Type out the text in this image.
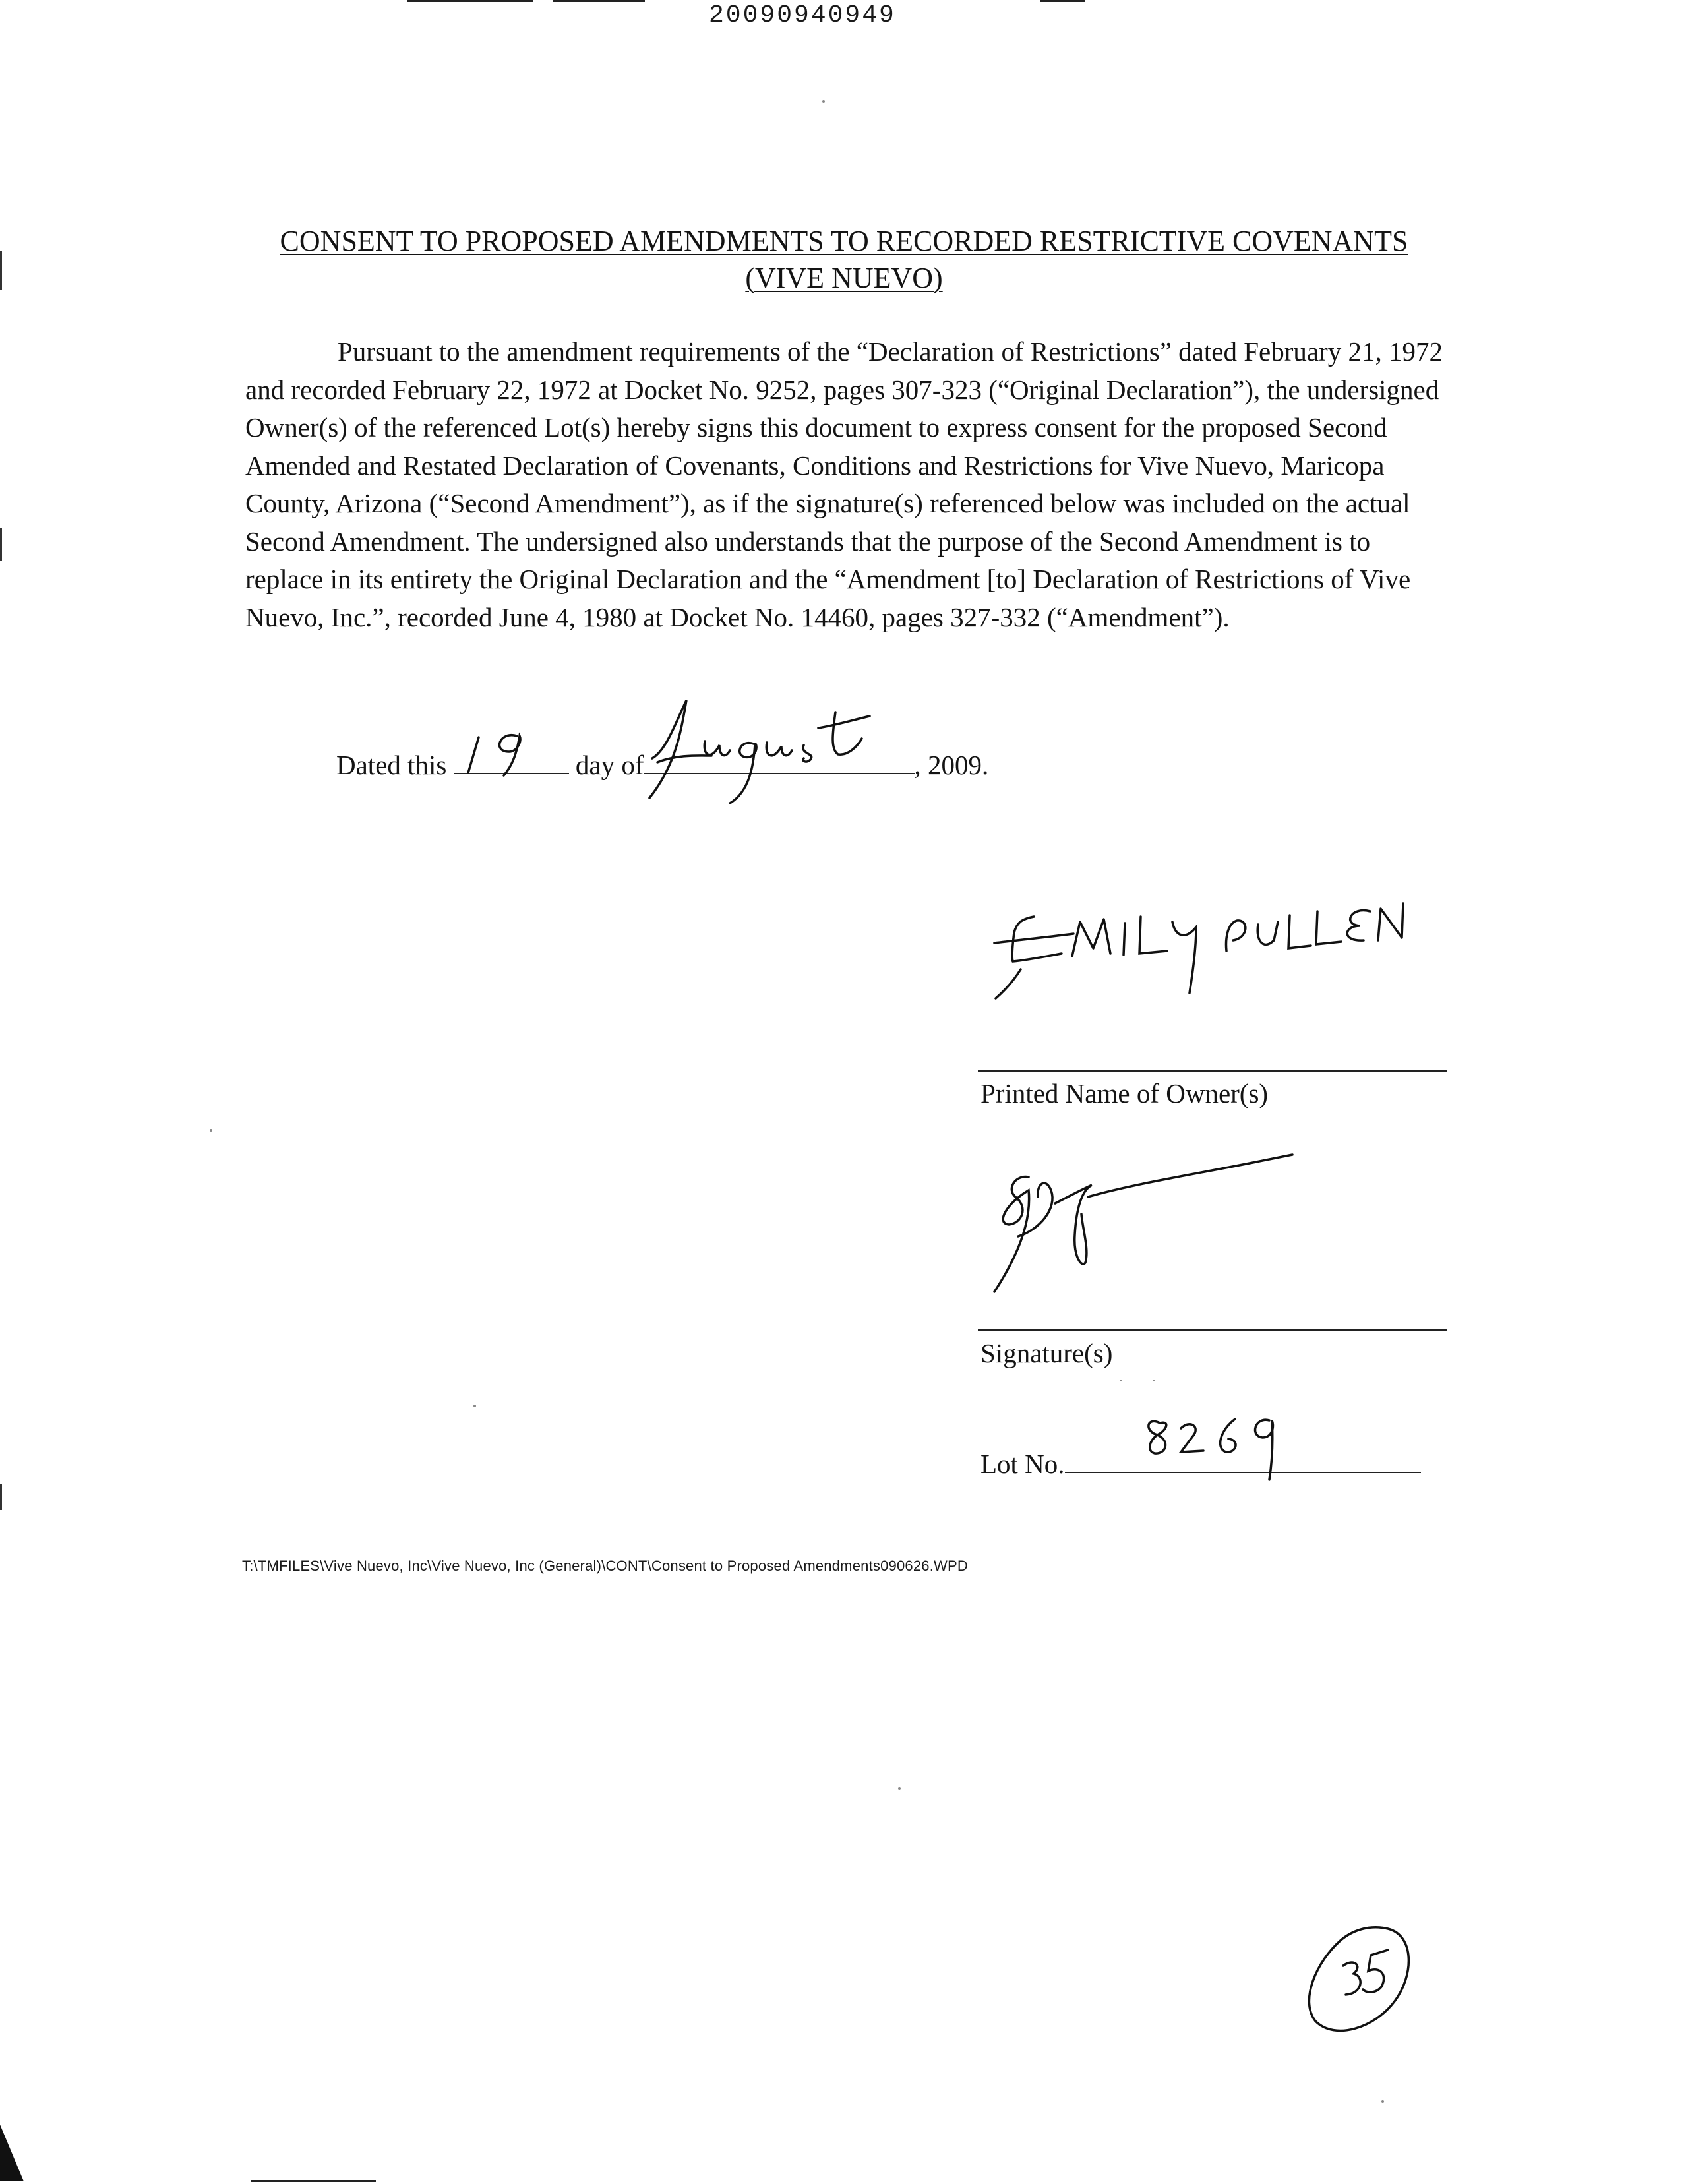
20090940949
CONSENT TO PROPOSED AMENDMENTS TO RECORDED RESTRICTIVE COVENANTS
(VIVE NUEVO)

Pursuant to the amendment requirements of the “Declaration of Restrictions” dated February 21, 1972 and recorded February 22, 1972 at Docket No. 9252, pages 307-323 (“Original Declaration”), the undersigned Owner(s) of the referenced Lot(s) hereby signs this document to express consent for the proposed Second Amended and Restated Declaration of Covenants, Conditions and Restrictions for Vive Nuevo, Maricopa County, Arizona (“Second Amendment”), as if the signature(s) referenced below was included on the actual Second Amendment. The undersigned also understands that the purpose of the Second Amendment is to replace in its entirety the Original Declaration and the “Amendment [to] Declaration of Restrictions of Vive Nuevo, Inc.”, recorded June 4, 1980 at Docket No. 14460, pages 327-332 (“Amendment”).

Dated this	day of	, 2009.
Printed Name of Owner(s)
Signature(s)
Lot No.
T:\TMFILES\Vive Nuevo, Inc\Vive Nuevo, Inc (General)\CONT\Consent to Proposed Amendments090626.WPD
